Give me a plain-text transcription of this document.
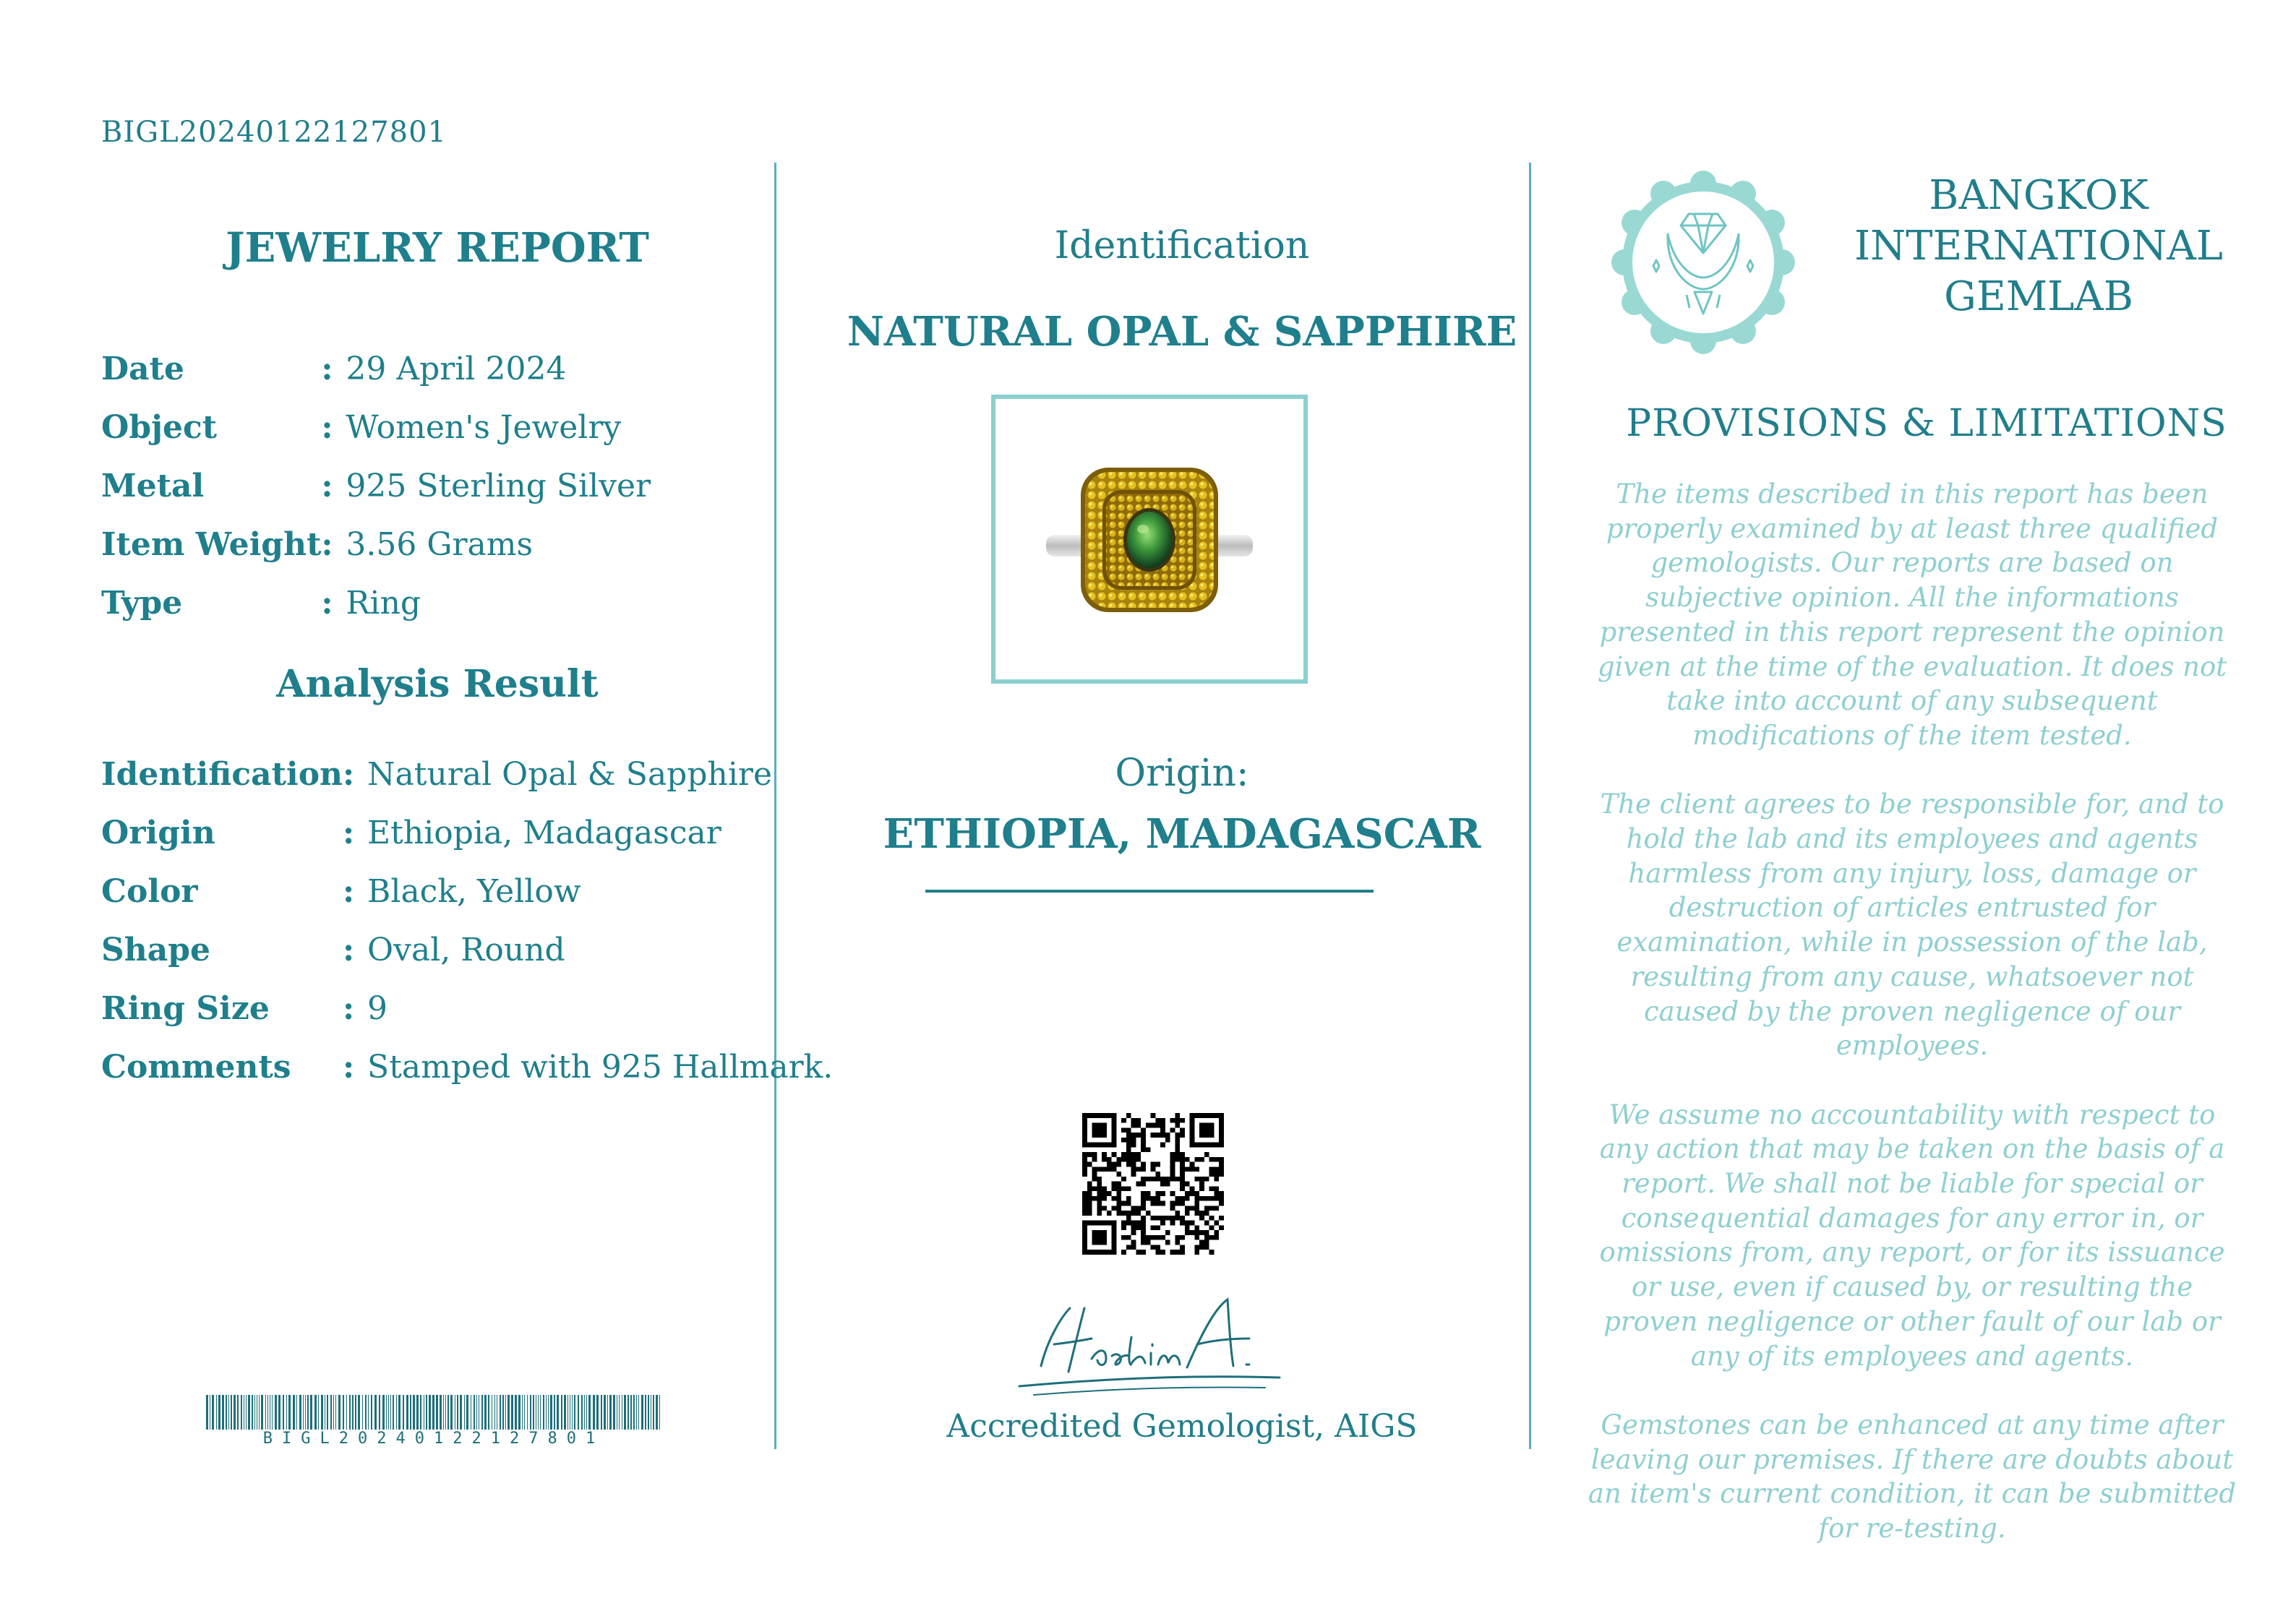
BIGL20240122127801
JEWELRY REPORT
Date	:	29 April 2024
Object	:	Women's Jewelry
Metal	:	925 Sterling Silver
Item Weight	:	3.56 Grams
Type	:	Ring
Analysis Result
Identification	:	Natural Opal & Sapphire
Origin	:	Ethiopia, Madagascar
Color	:	Black, Yellow
Shape	:	Oval, Round
Ring Size	:	9
Comments	:	Stamped with 925 Hallmark.
BIGL20240122127801
Identification
NATURAL OPAL & SAPPHIRE
Origin:
ETHIOPIA, MADAGASCAR
Accredited Gemologist, AIGS
BANGKOK
INTERNATIONAL
GEMLAB
PROVISIONS & LIMITATIONS

The items described in this report has been properly examined by at least three qualified gemologists. Our reports are based on subjective opinion. All the informations presented in this report represent the opinion given at the time of the evaluation. It does not take into account of any subsequent modifications of the item tested.

The client agrees to be responsible for, and to hold the lab and its employees and agents harmless from any injury, loss, damage or destruction of articles entrusted for examination, while in possession of the lab, resulting from any cause, whatsoever not caused by the proven negligence of our employees.

We assume no accountability with respect to any action that may be taken on the basis of a report. We shall not be liable for special or consequential damages for any error in, or omissions from, any report, or for its issuance or use, even if caused by, or resulting the proven negligence or other fault of our lab or any of its employees and agents.

Gemstones can be enhanced at any time after leaving our premises. If there are doubts about an item's current condition, it can be submitted for re-testing.
